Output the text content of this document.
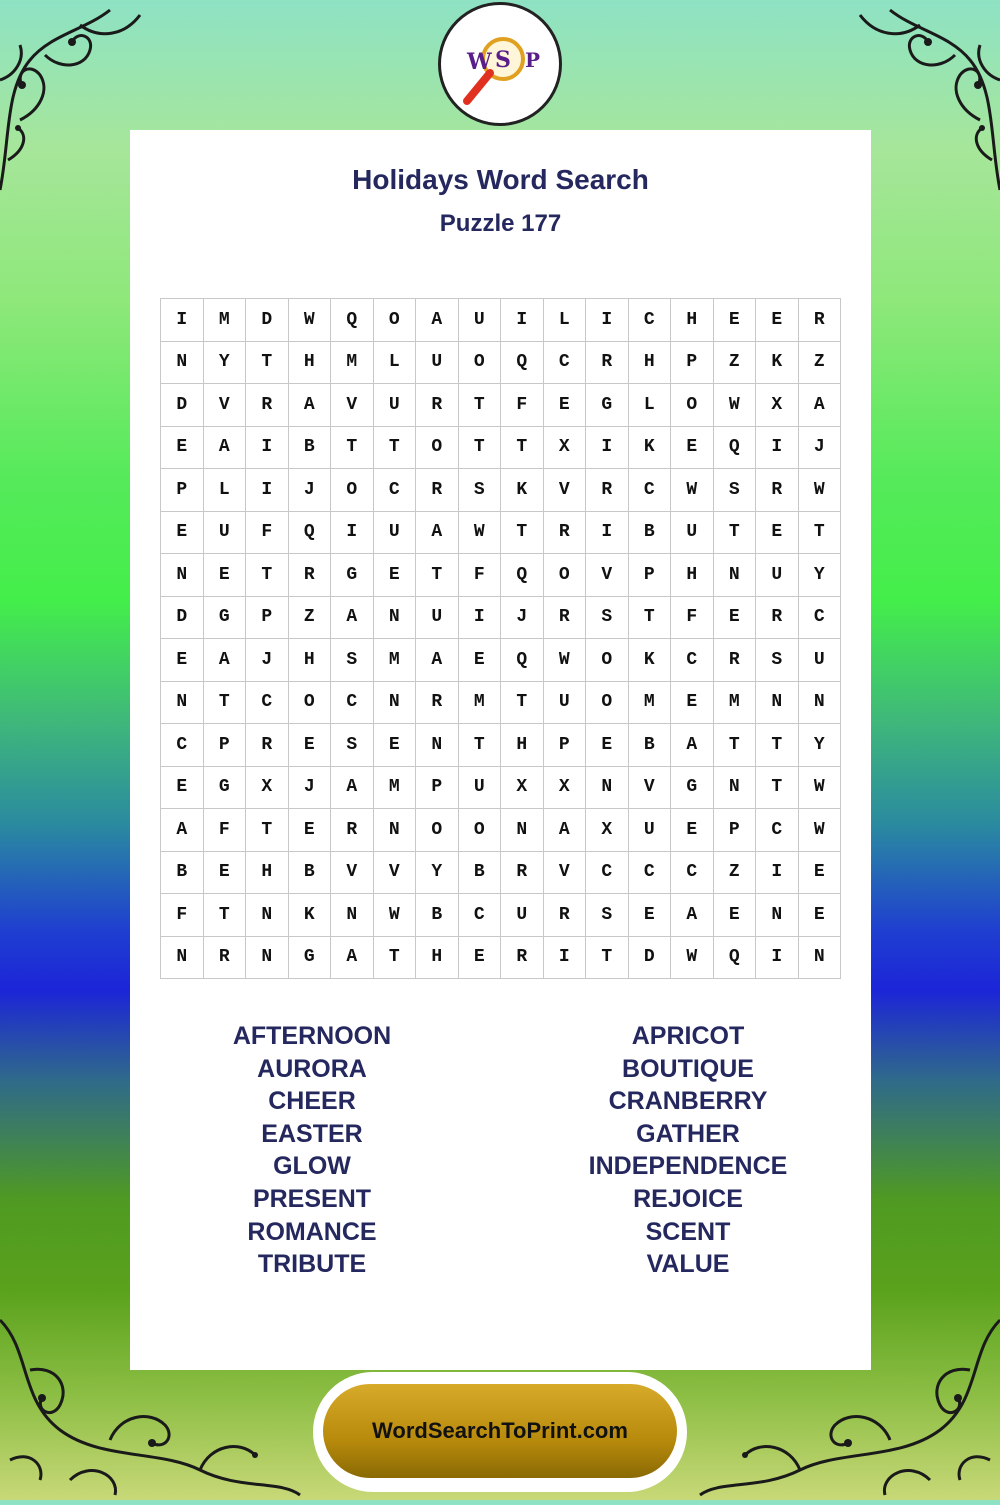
W S P
Holidays Word Search
Puzzle 177
I	M	D	W	Q	O	A	U	I	L	I	C	H	E	E	R
N	Y	T	H	M	L	U	O	Q	C	R	H	P	Z	K	Z
D	V	R	A	V	U	R	T	F	E	G	L	O	W	X	A
E	A	I	B	T	T	O	T	T	X	I	K	E	Q	I	J
P	L	I	J	O	C	R	S	K	V	R	C	W	S	R	W
E	U	F	Q	I	U	A	W	T	R	I	B	U	T	E	T
N	E	T	R	G	E	T	F	Q	O	V	P	H	N	U	Y
D	G	P	Z	A	N	U	I	J	R	S	T	F	E	R	C
E	A	J	H	S	M	A	E	Q	W	O	K	C	R	S	U
N	T	C	O	C	N	R	M	T	U	O	M	E	M	N	N
C	P	R	E	S	E	N	T	H	P	E	B	A	T	T	Y
E	G	X	J	A	M	P	U	X	X	N	V	G	N	T	W
A	F	T	E	R	N	O	O	N	A	X	U	E	P	C	W
B	E	H	B	V	V	Y	B	R	V	C	C	C	Z	I	E
F	T	N	K	N	W	B	C	U	R	S	E	A	E	N	E
N	R	N	G	A	T	H	E	R	I	T	D	W	Q	I	N
AFTERNOON
AURORA
CHEER
EASTER
GLOW
PRESENT
ROMANCE
TRIBUTE
APRICOT
BOUTIQUE
CRANBERRY
GATHER
INDEPENDENCE
REJOICE
SCENT
VALUE
WordSearchToPrint.com
